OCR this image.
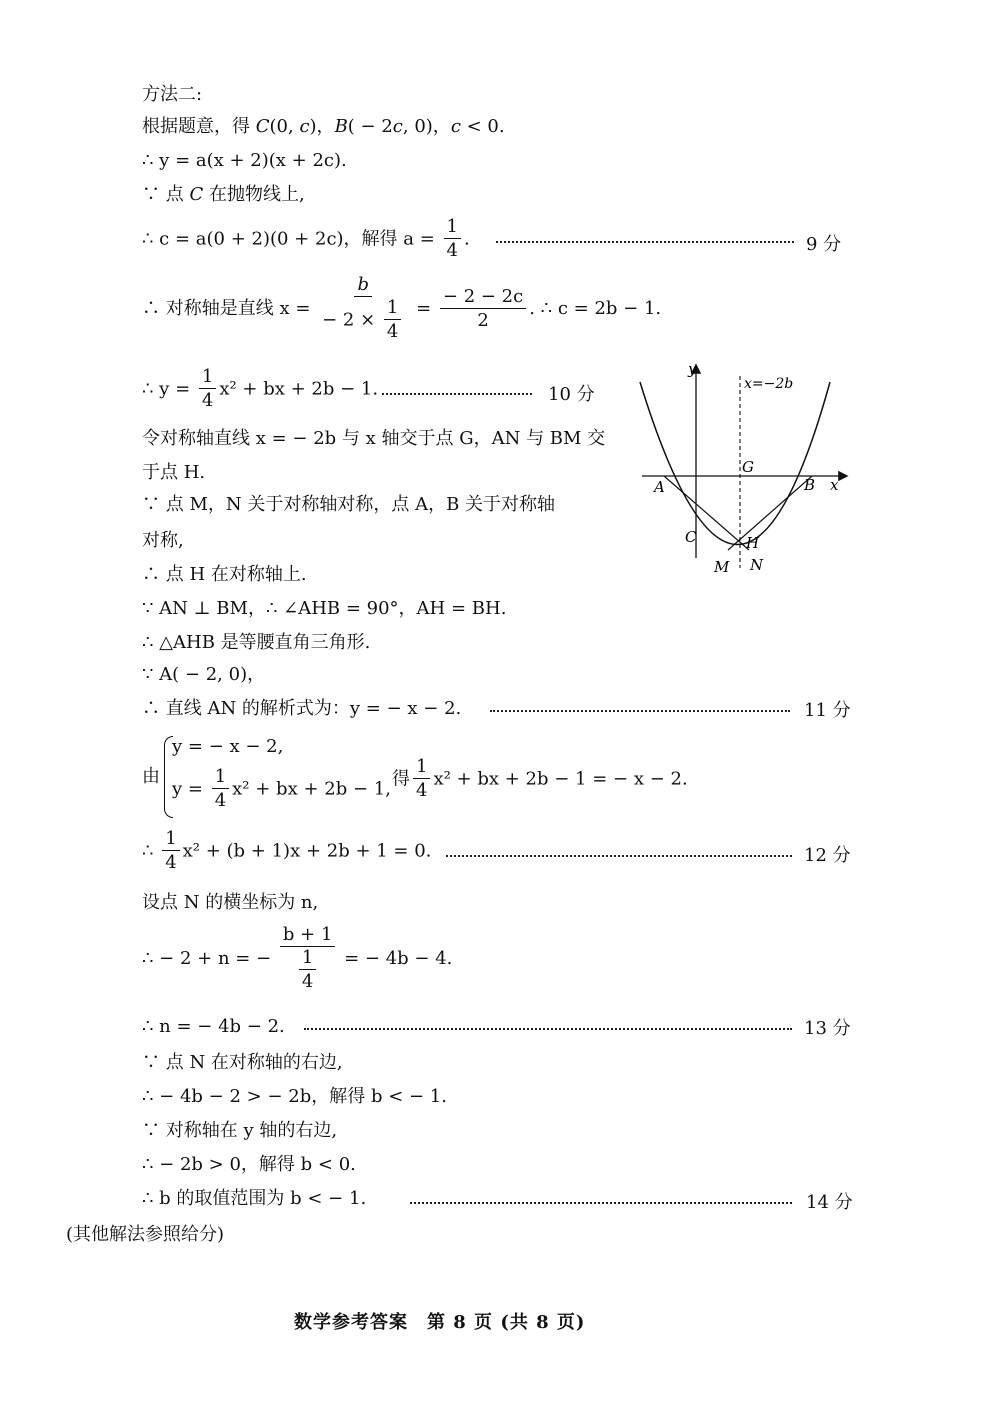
方法二:
根据题意，得 C(0, c)，B( − 2c, 0)，c < 0.
∴ y = a(x + 2)(x + 2c).
∵ 点 C 在抛物线上,
∴ c = a(0 + 2)(0 + 2c)，解得 $a = \frac{1}{4}$ .	9 分
∴ 对称轴是直线 $x = \frac{b}{- 2 \times \frac{1}{4}} = \frac{- 2 - 2c}{2}$ . ∴ c = 2b − 1.
∴ $y = \frac{1}{4} x^2$ + bx + 2b − 1.	10 分
令对称轴直线 x = − 2b 与 x 轴交于点 G，AN 与 BM 交
于点 H.
∵ 点 M，N 关于对称轴对称，点 A，B 关于对称轴
对称,
∴ 点 H 在对称轴上.
∵ AN ⊥ BM，∴ ∠AHB = 90°，AH = BH.
∴ △AHB 是等腰直角三角形.
∵ A( − 2, 0)，
∴ 直线 AN 的解析式为：y = − x − 2.	11 分
由
y = − x − 2,
$y = \frac{1}{4} x^2$ + bx + 2b − 1, 得 $\frac{1}{4} x^2$ + bx + 2b − 1 = − x − 2.
∴ $\frac{1}{4} x^2 + (b + 1)x + 2b + 1 = 0$.	12 分
设点 N 的横坐标为 n,
∴ − 2 + n = − $\frac{b + 1}{\frac{1}{4}}$ = − 4b − 4.
∴ n = − 4b − 2.	13 分
∵ 点 N 在对称轴的右边,
∴ − 4b − 2 > − 2b，解得 b < − 1.
∵ 对称轴在 y 轴的右边,
∴ − 2b > 0，解得 b < 0.
∴ b 的取值范围为 b < − 1.	14 分
(其他解法参照给分)
数学参考答案　第 8 页 (共 8 页)
y
x
x=−2b
G
A	B
C	H
M N
